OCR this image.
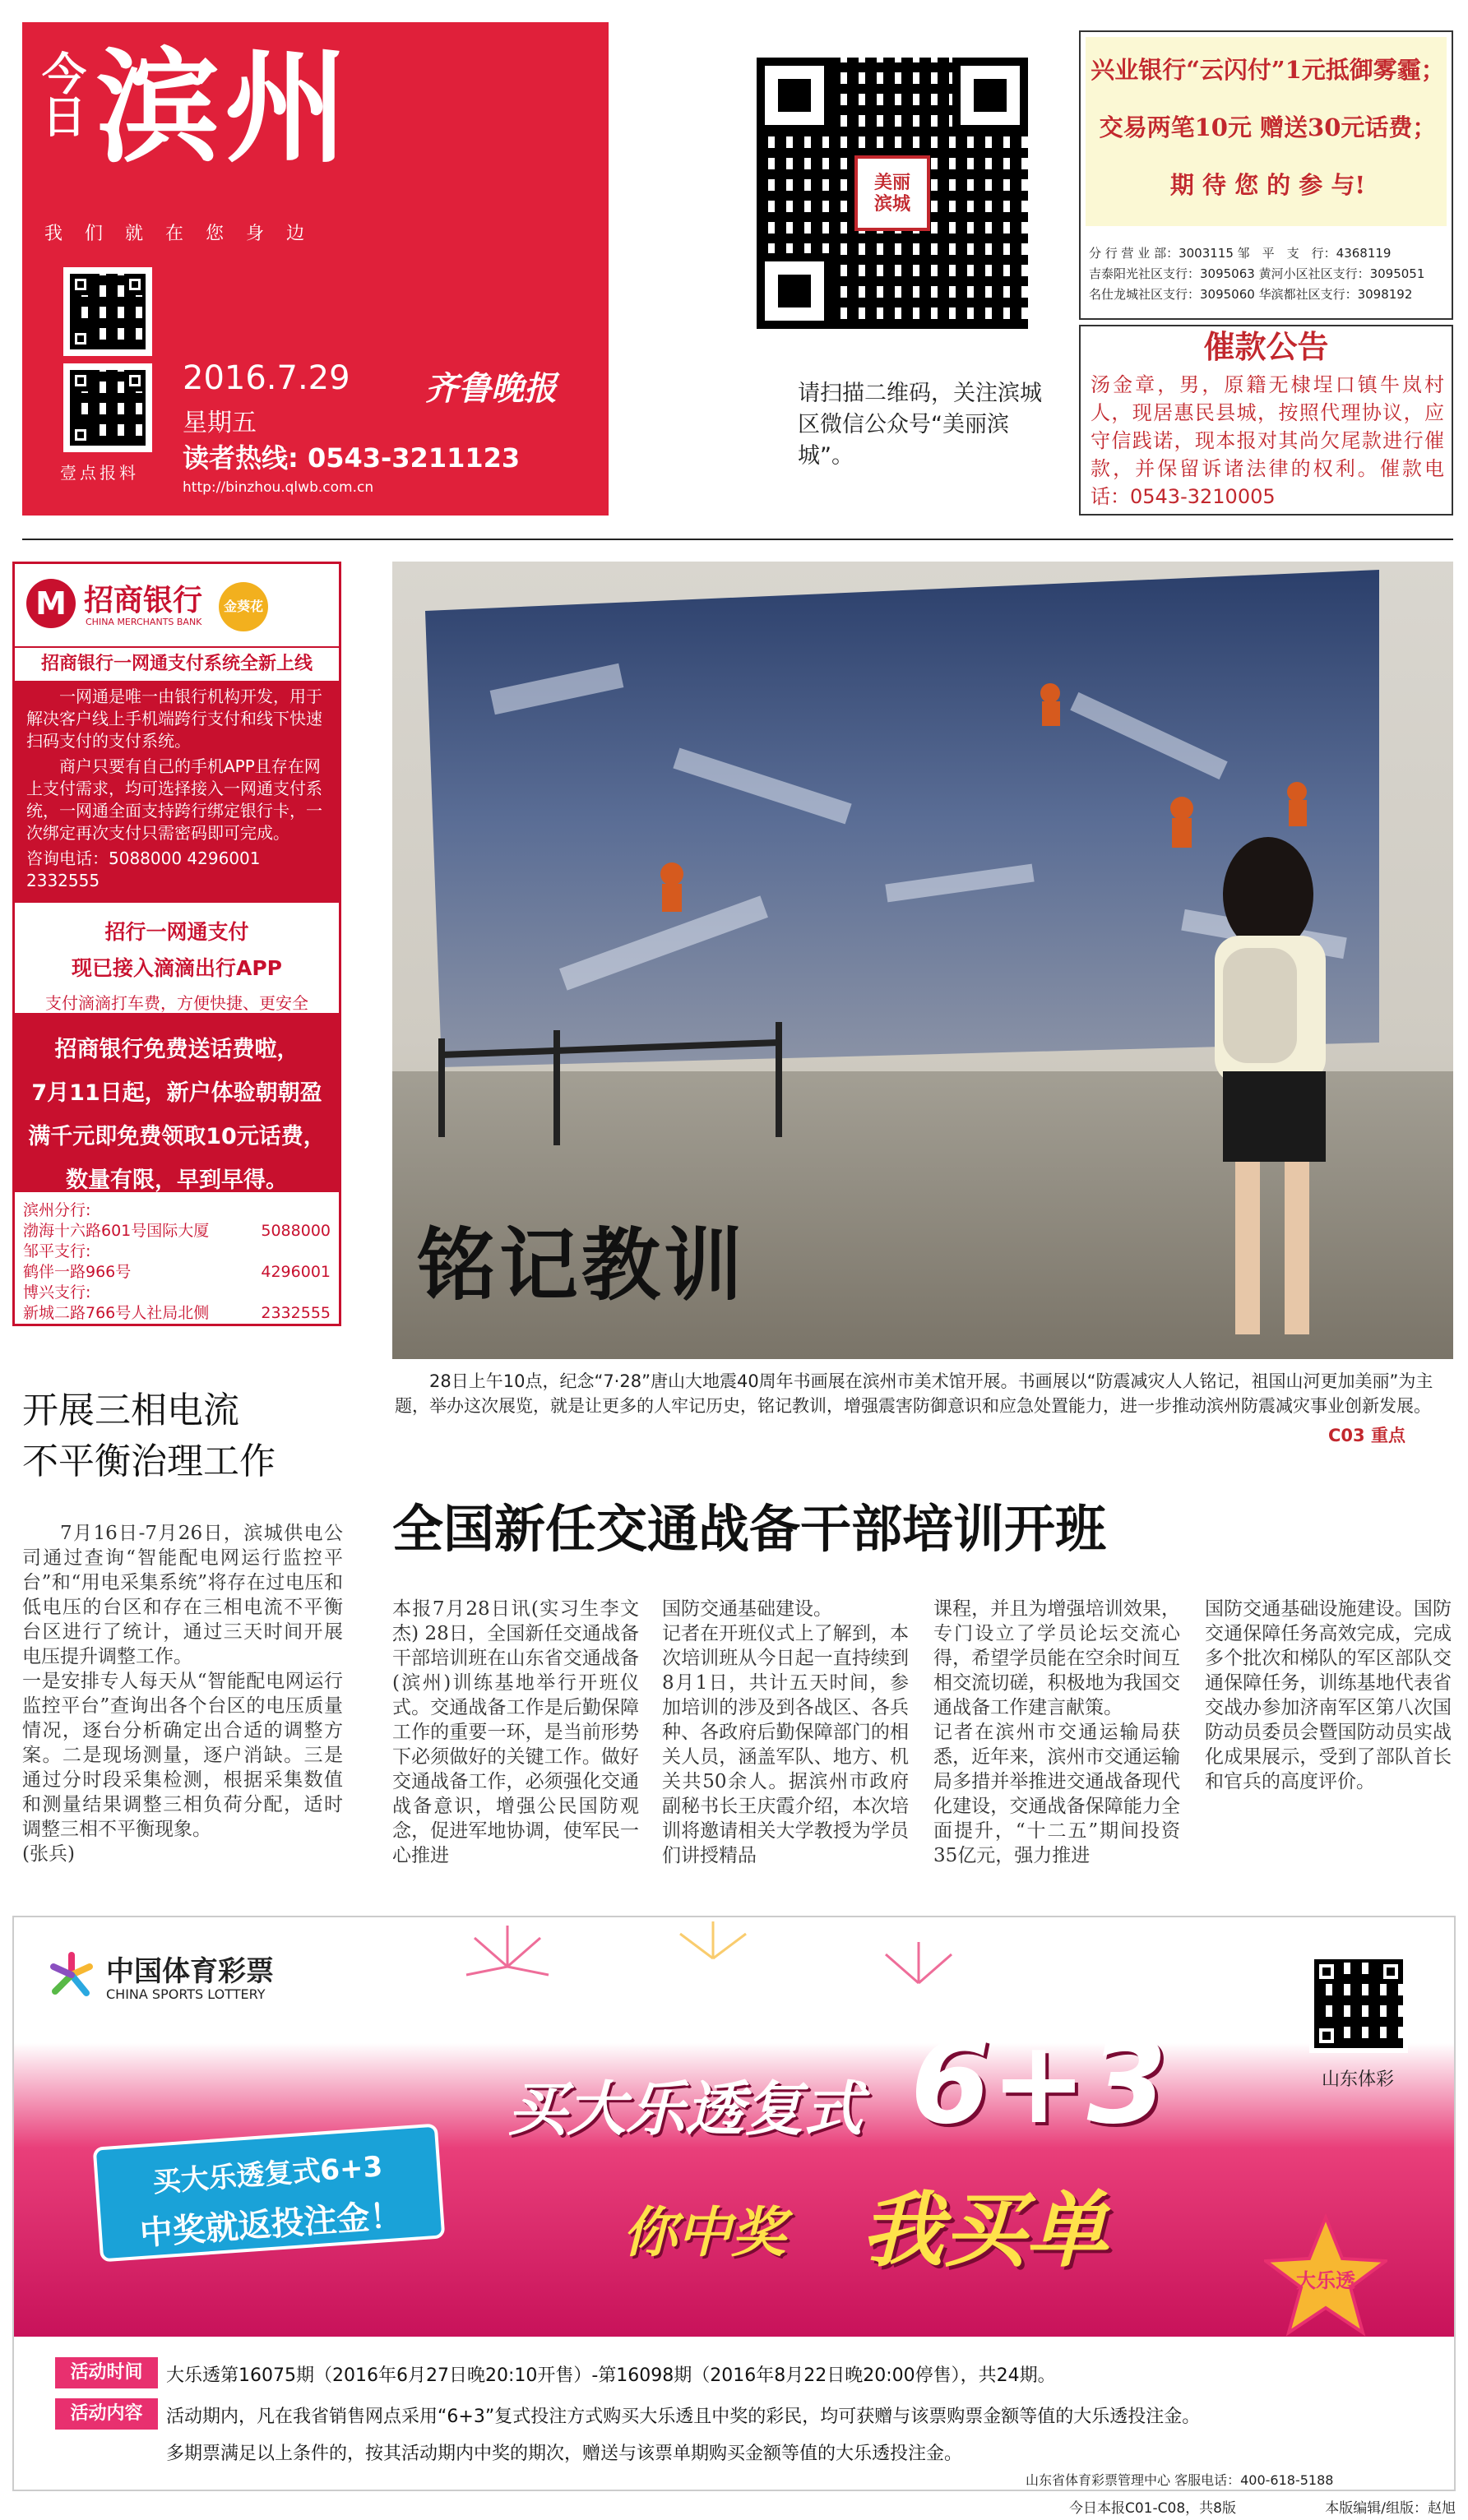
今日 滨州
我 们 就 在 您 身 边
壹点报料
2016.7.29 齐鲁晚报
星期五
读者热线: 0543-3211123
http://binzhou.qlwb.com.cn
美丽滨城
请扫描二维码，关注滨城区微信公众号“美丽滨城”。
兴业银行“云闪付”1元抵御雾霾；
交易两笔10元 赠送30元话费；
期 待 您 的 参 与!
分 行 营 业 部：3003115 邹　平　支　行：4368119
吉泰阳光社区支行：3095063 黄河小区社区支行：3095051
名仕龙城社区支行：3095060 华滨都社区支行：3098192
催款公告
汤金章，男，原籍无棣埕口镇牛岚村人，现居惠民县城，按照代理协议，应守信践诺，现本报对其尚欠尾款进行催款，并保留诉诸法律的权利。催款电话：0543-3210005
M 招商银行
CHINA MERCHANTS BANK
金葵花
招商银行一网通支付系统全新上线
一网通是唯一由银行机构开发，用于解决客户线上手机端跨行支付和线下快速扫码支付的支付系统。
商户只要有自己的手机APP且存在网上支付需求，均可选择接入一网通支付系统，一网通全面支持跨行绑定银行卡，一次绑定再次支付只需密码即可完成。
咨询电话：5088000 4296001 2332555
招行一网通支付
现已接入滴滴出行APP
支付滴滴打车费，方便快捷、更安全
招商银行免费送话费啦，
7月11日起，新户体验朝朝盈
满千元即免费领取10元话费，
数量有限，早到早得。
滨州分行:
渤海十六路601号国际大厦	5088000
邹平支行:
鹤伴一路966号	4296001
博兴支行:
新城二路766号人社局北侧	2332555
铭记教训
28日上午10点，纪念“7·28”唐山大地震40周年书画展在滨州市美术馆开展。书画展以“防震减灾人人铭记，祖国山河更加美丽”为主题，举办这次展览，就是让更多的人牢记历史，铭记教训，增强震害防御意识和应急处置能力，进一步推动滨州防震减灾事业创新发展。
C03 重点
开展三相电流
不平衡治理工作
7月16日-7月26日，滨城供电公司通过查询“智能配电网运行监控平台”和“用电采集系统”将存在过电压和低电压的台区和存在三相电流不平衡台区进行了统计，通过三天时间开展电压提升调整工作。
一是安排专人每天从“智能配电网运行监控平台”查询出各个台区的电压质量情况，逐台分析确定出合适的调整方案。二是现场测量，逐户消缺。三是通过分时段采集检测，根据采集数值和测量结果调整三相负荷分配，适时调整三相不平衡现象。
(张兵)
全国新任交通战备干部培训开班
本报7月28日讯(实习生李文杰) 28日，全国新任交通战备干部培训班在山东省交通战备(滨州)训练基地举行开班仪式。交通战备工作是后勤保障工作的重要一环，是当前形势下必须做好的关键工作。做好交通战备工作，必须强化交通战备意识，增强公民国防观念，促进军地协调，使军民一心推进
国防交通基础建设。
记者在开班仪式上了解到，本次培训班从今日起一直持续到8月1日，共计五天时间，参加培训的涉及到各战区、各兵种、各政府后勤保障部门的相关人员，涵盖军队、地方、机关共50余人。据滨州市政府副秘书长王庆霞介绍，本次培训将邀请相关大学教授为学员们讲授精品
课程，并且为增强培训效果，专门设立了学员论坛交流心得，希望学员能在空余时间互相交流切磋，积极地为我国交通战备工作建言献策。
记者在滨州市交通运输局获悉，近年来，滨州市交通运输局多措并举推进交通战备现代化建设，交通战备保障能力全面提升，“十二五”期间投资35亿元，强力推进
国防交通基础设施建设。国防交通保障任务高效完成，完成多个批次和梯队的军区部队交通保障任务，训练基地代表省交战办参加济南军区第八次国防动员委员会暨国防动员实战化成果展示，受到了部队首长和官兵的高度评价。
中国体育彩票
CHINA SPORTS LOTTERY
买大乐透复式 6+3
你中奖 我买单
买大乐透复式6+3
中奖就返投注金！
山东体彩
大乐透
活动时间	大乐透第16075期（2016年6月27日晚20:10开售）-第16098期（2016年8月22日晚20:00停售），共24期。
活动内容	活动期内，凡在我省销售网点采用“6+3”复式投注方式购买大乐透且中奖的彩民，均可获赠与该票购票金额等值的大乐透投注金。
多期票满足以上条件的，按其活动期内中奖的期次，赠送与该票单期购买金额等值的大乐透投注金。
山东省体育彩票管理中心 客服电话：400-618-5188
今日本报C01-C08，共8版	本版编辑/组版：赵旭
